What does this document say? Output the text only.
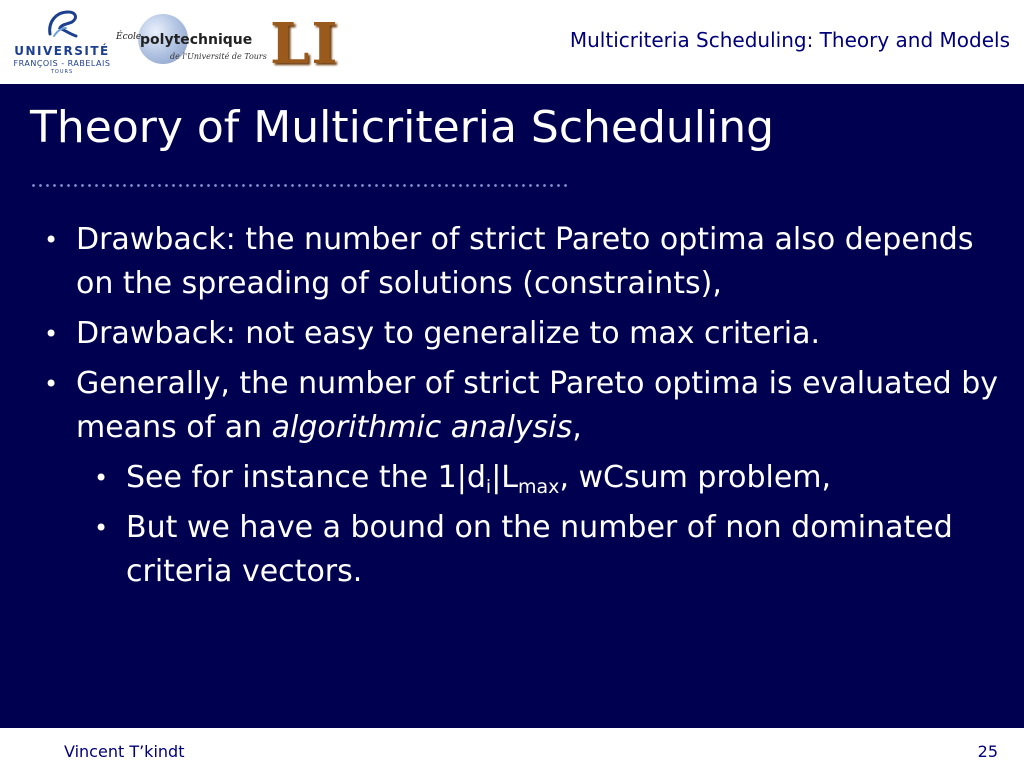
UNIVERSITÉ
FRANÇOIS - RABELAIS
TOURS
École
polytechnique
de l'Université de Tours LI	Multicriteria Scheduling: Theory and Models
Theory of Multicriteria Scheduling
• Drawback: the number of strict Pareto optima also depends on the spreading of solutions (constraints),
• Drawback: not easy to generalize to max criteria.
• Generally, the number of strict Pareto optima is evaluated by means of an algorithmic analysis,
• See for instance the $1|d_i|L_{max}$, wCsum problem,
• But we have a bound on the number of non dominated criteria vectors.
Vincent T’kindt	25
